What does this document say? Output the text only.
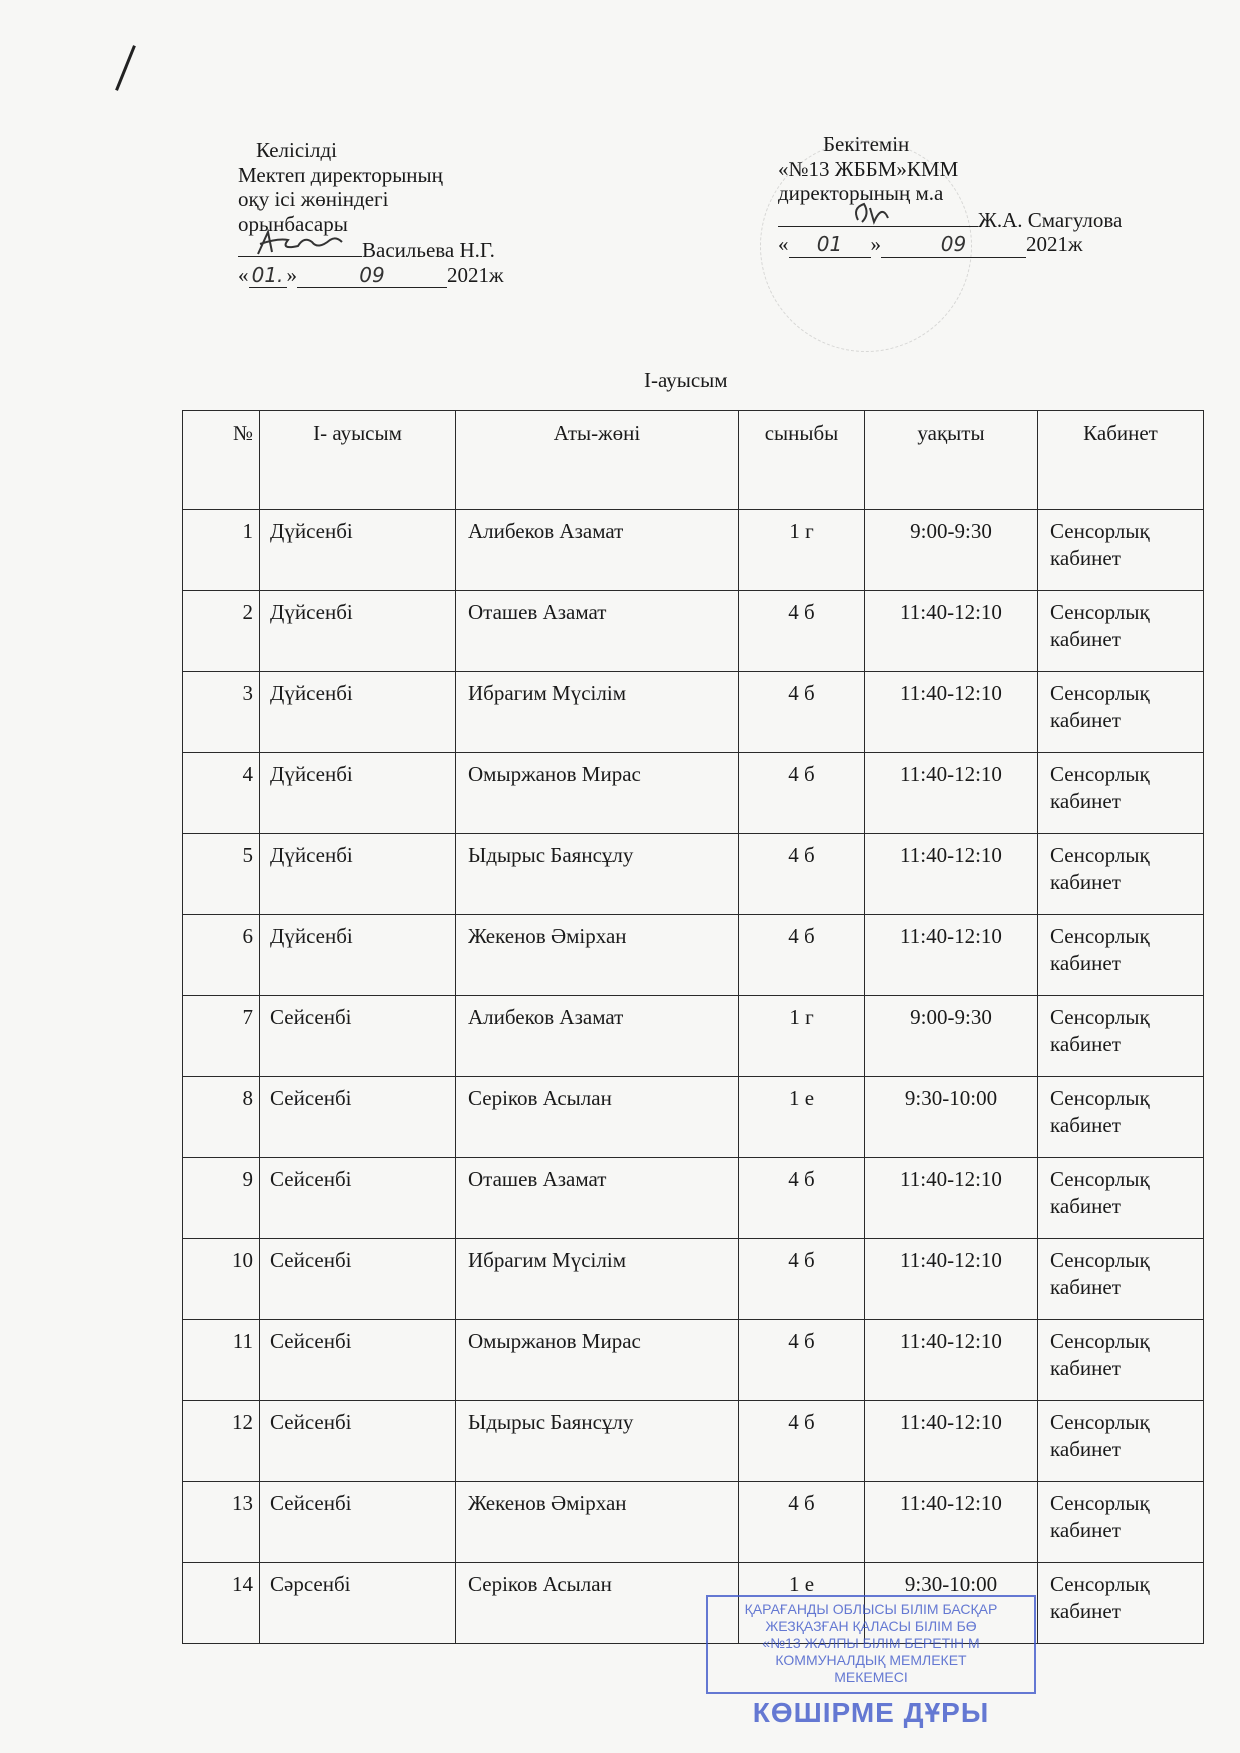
Келісілді
Мектеп директорының
оқу ісі жөніндегі
орынбасары
Васильева Н.Г.
« 01. »	09	2021ж
Бекітемін
«№13 ЖББМ»КММ
директорының м.а
Ж.А. Смагулова
« 01 »	09	2021ж
І-ауысым
№	І- ауысым	Аты-жөні	сыныбы	уақыты	Кабинет
1	Дүйсенбі	Алибеков Азамат	1 г	9:00-9:30	Сенсорлық
кабинет

2	Дүйсенбі	Оташев Азамат	4 б	11:40-12:10	Сенсорлық
кабинет

3	Дүйсенбі	Ибрагим Мүсілім	4 б	11:40-12:10	Сенсорлық
кабинет

4	Дүйсенбі	Омыржанов Мирас	4 б	11:40-12:10	Сенсорлық
кабинет

5	Дүйсенбі	Ыдырыс Баянсұлу	4 б	11:40-12:10	Сенсорлық
кабинет

6	Дүйсенбі	Жекенов Әмірхан	4 б	11:40-12:10	Сенсорлық
кабинет

7	Сейсенбі	Алибеков Азамат	1 г	9:00-9:30	Сенсорлық
кабинет

8	Сейсенбі	Серіков Асылан	1 е	9:30-10:00	Сенсорлық
кабинет

9	Сейсенбі	Оташев Азамат	4 б	11:40-12:10	Сенсорлық
кабинет

10	Сейсенбі	Ибрагим Мүсілім	4 б	11:40-12:10	Сенсорлық
кабинет

11	Сейсенбі	Омыржанов Мирас	4 б	11:40-12:10	Сенсорлық
кабинет

12	Сейсенбі	Ыдырыс Баянсұлу	4 б	11:40-12:10	Сенсорлық
кабинет

13	Сейсенбі	Жекенов Әмірхан	4 б	11:40-12:10	Сенсорлық
кабинет

14	Сәрсенбі	Серіков Асылан	1 е	9:30-10:00	Сенсорлық
кабинет
ҚАРАҒАНДЫ ОБЛЫСЫ БІЛІМ БАСҚАР
ЖЕЗҚАЗҒАН ҚАЛАСЫ БІЛІМ БӨ
«№13 ЖАЛПЫ БІЛІМ БЕРЕТІН М
КОММУНАЛДЫҚ МЕМЛЕКЕТ
МЕКЕМЕСІ
КӨШІРМЕ ДҰРЫ
